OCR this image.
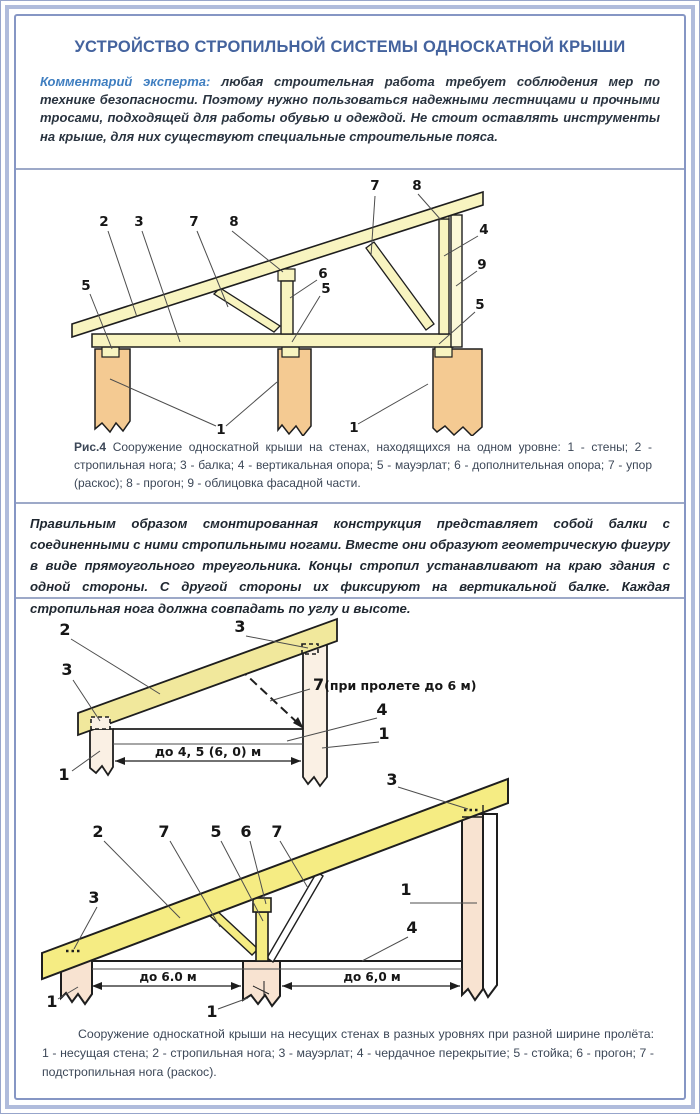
УСТРОЙСТВО СТРОПИЛЬНОЙ СИСТЕМЫ ОДНОСКАТНОЙ КРЫШИ

Комментарий эксперта: любая строительная работа требует соблюдения мер по технике безопасности. Поэтому нужно пользоваться надежными лестницами и прочными тросами, подходящей для работы обувью и одеждой. Не стоит оставлять инструменты на крыше, для них существуют специальные строительные пояса.

2 3	7 8
7 8
5
6
5
4
9
5
1	1

Рис.4 Сооружение односкатной крыши на стенах, находящихся на одном уровне: 1 - стены; 2 - стропильная нога; 3 - балка; 4 - вертикальная опора; 5 - мауэрлат; 6 - дополнительная опора; 7 - упор (раскос); 8 - прогон; 9 - облицовка фасадной части.

Правильным образом смонтированная конструкция представляет собой балки с соединенными с ними стропильными ногами. Вместе они образуют геометрическую фигуру в виде прямоугольного треугольника. Концы стропил устанавливают на краю здания с одной стороны. С другой стороны их фиксируют на вертикальной балке. Каждая стропильная нога должна совпадать по углу и высоте.

до 4, 5 (6, 0) м
2	3
3
4
1
1
7(при пролете до 6 м)
до 6.0 м	до 6,0 м
3
2	7	5 6 7
3	1
4
1
1

Сооружение односкатной крыши на несущих стенах в разных уровнях при разной ширине пролёта: 1 - несущая стена; 2 - стропильная нога; 3 - мауэрлат; 4 - чердачное перекрытие; 5 - стойка; 6 - прогон; 7 - подстропильная нога (раскос).
